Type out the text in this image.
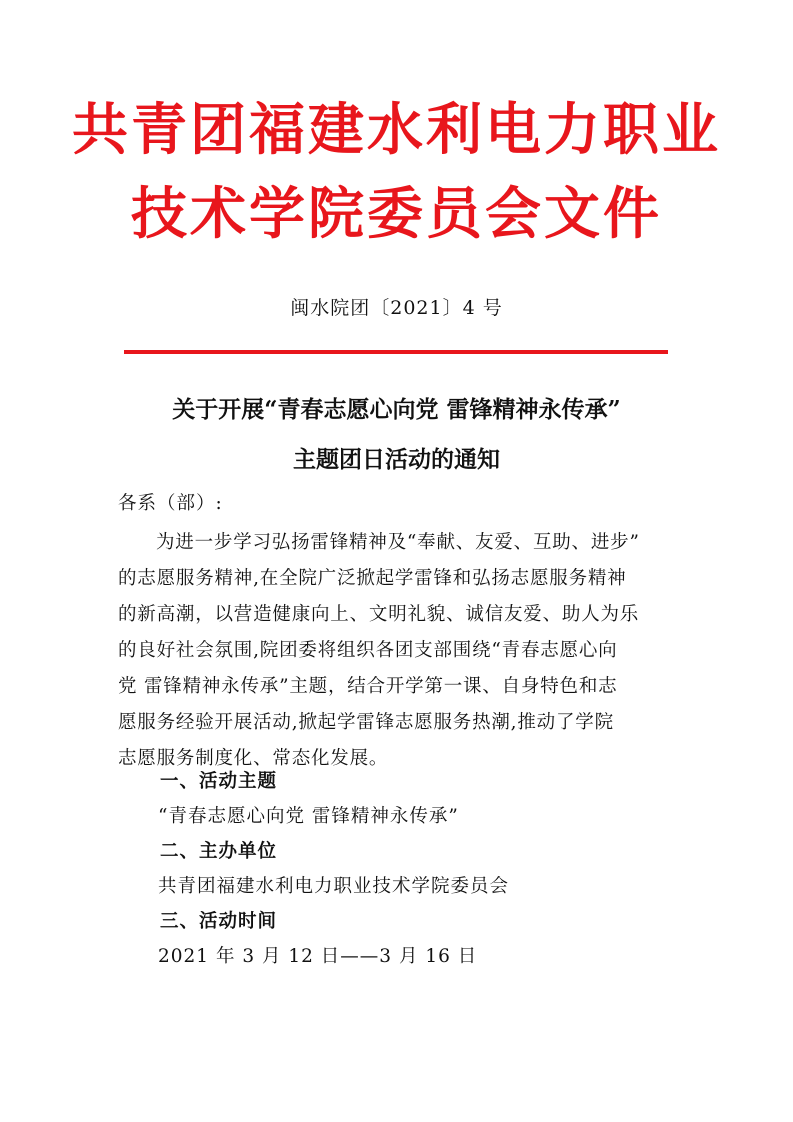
共青团福建水利电力职业
技术学院委员会文件
闽水院团〔2021〕4 号
关于开展“青春志愿心向党 雷锋精神永传承”
主题团日活动的通知
各系（部）:
为进一步学习弘扬雷锋精神及“奉献、友爱、互助、进步”
的志愿服务精神,在全院广泛掀起学雷锋和弘扬志愿服务精神
的新高潮，以营造健康向上、文明礼貌、诚信友爱、助人为乐
的良好社会氛围,院团委将组织各团支部围绕“青春志愿心向
党 雷锋精神永传承”主题，结合开学第一课、自身特色和志
愿服务经验开展活动,掀起学雷锋志愿服务热潮,推动了学院
志愿服务制度化、常态化发展。
一、活动主题
“青春志愿心向党 雷锋精神永传承”
二、主办单位
共青团福建水利电力职业技术学院委员会
三、活动时间
2021 年 3 月 12 日——3 月 16 日
